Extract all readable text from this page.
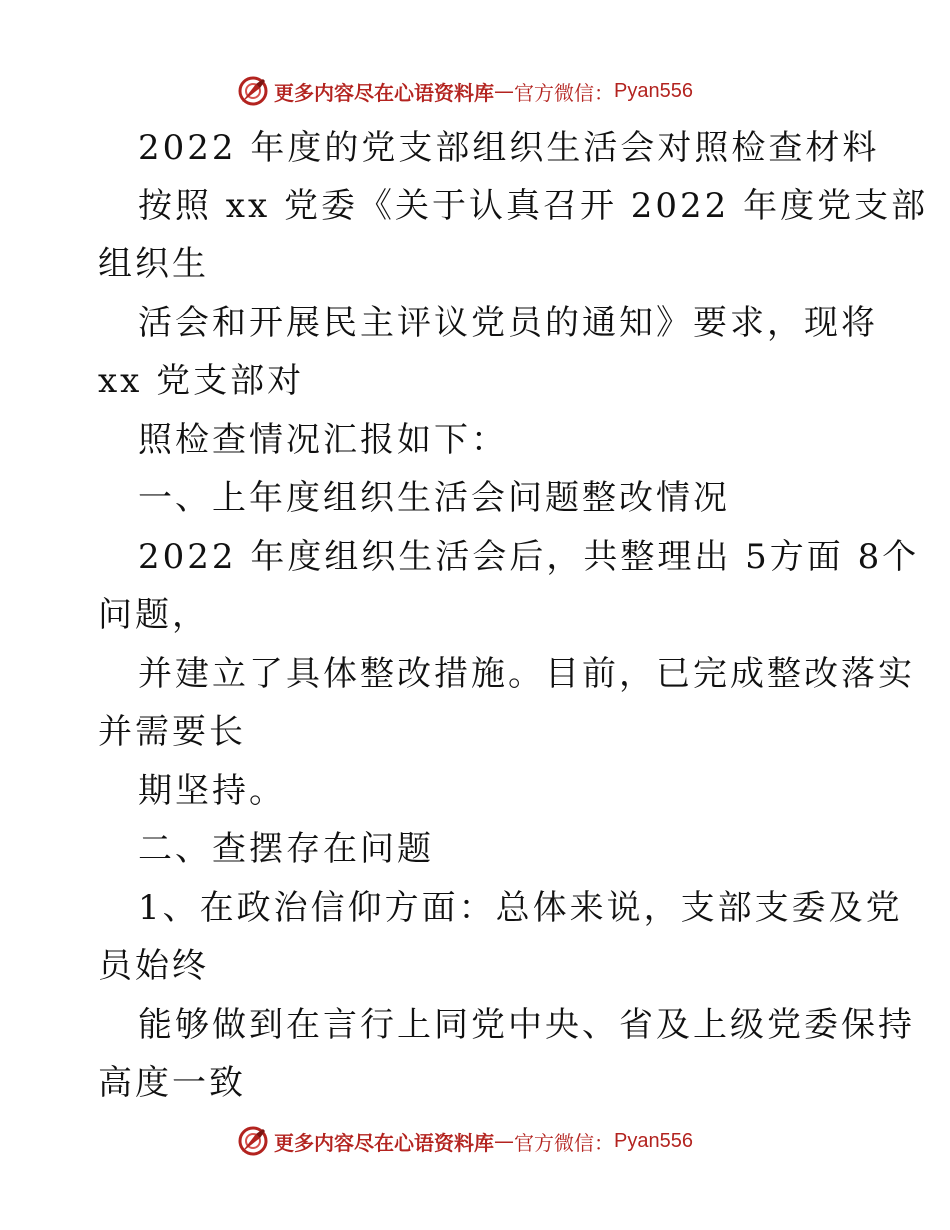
更多内容尽在心语资料库 — 官方微信： Pyan556
2022 年度的党支部组织生活会对照检查材料
按照 xx 党委《关于认真召开 2022 年度党支部
组织生
活会和开展民主评议党员的通知》要求，现将
xx 党支部对
照检查情况汇报如下：
一、上年度组织生活会问题整改情况
2022 年度组织生活会后，共整理出 5方面 8个
问题，
并建立了具体整改措施。目前，已完成整改落实
并需要长
期坚持。
二、查摆存在问题
1、在政治信仰方面：总体来说，支部支委及党
员始终
能够做到在言行上同党中央、省及上级党委保持
高度一致
更多内容尽在心语资料库 — 官方微信： Pyan556
